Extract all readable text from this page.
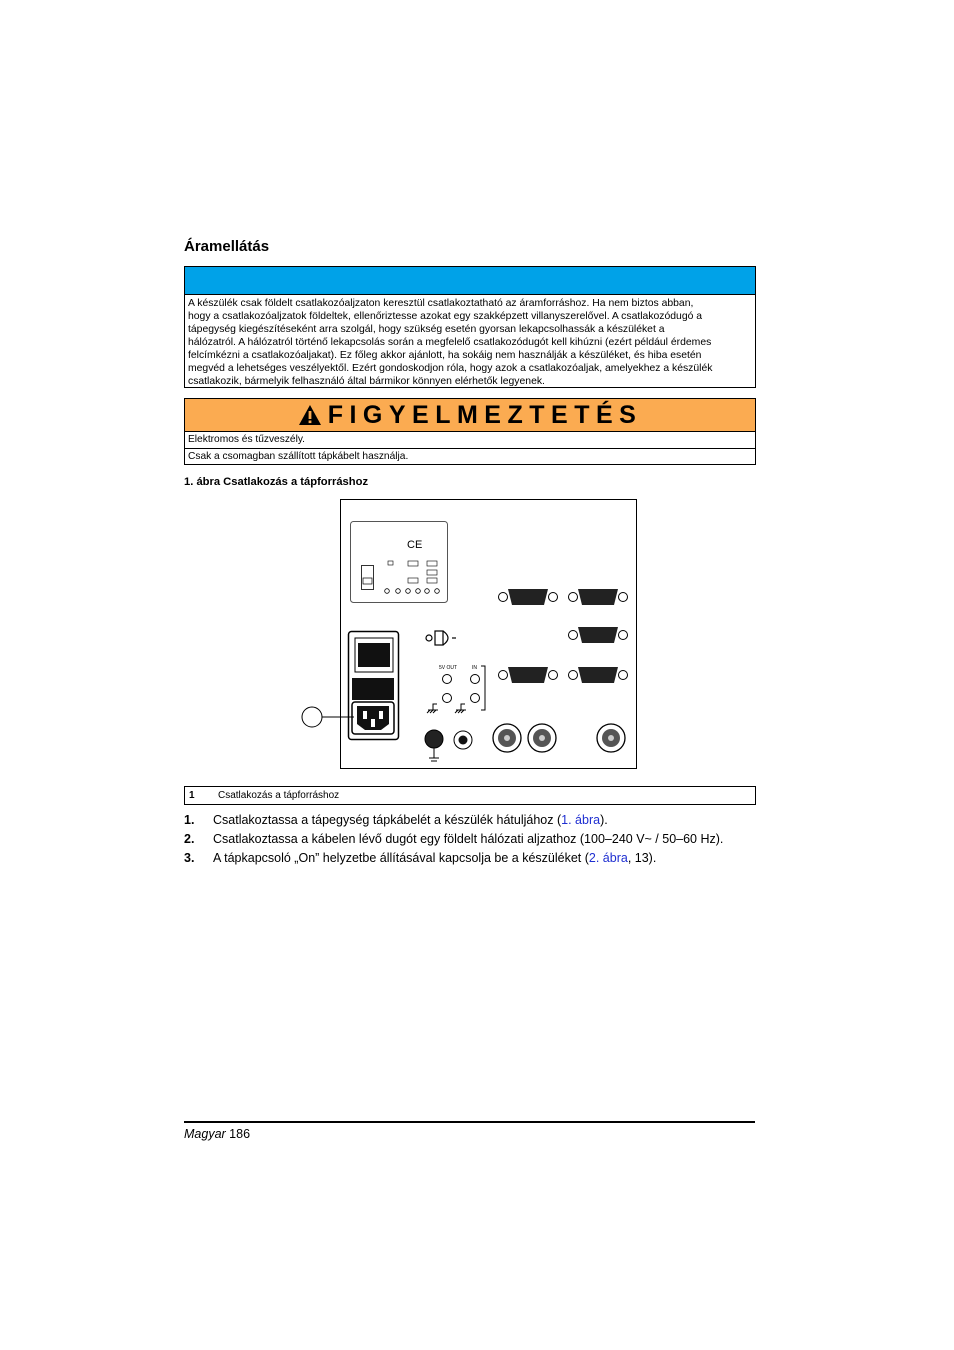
Áramellátás
A készülék csak földelt csatlakozóaljzaton keresztül csatlakoztatható az áramforráshoz. Ha nem biztos abban,
hogy a csatlakozóaljzatok földeltek, ellenőriztesse azokat egy szakképzett villanyszerelővel. A csatlakozódugó a
tápegység kiegészítéseként arra szolgál, hogy szükség esetén gyorsan lekapcsolhassák a készüléket a
hálózatról. A hálózatról történő lekapcsolás során a megfelelő csatlakozódugót kell kihúzni (ezért például érdemes
felcímkézni a csatlakozóaljakat). Ez főleg akkor ajánlott, ha sokáig nem használják a készüléket, és hiba esetén
megvéd a lehetséges veszélyektől. Ezért gondoskodjon róla, hogy azok a csatlakozóaljak, amelyekhez a készülék
csatlakozik, bármelyik felhasználó által bármikor könnyen elérhetők legyenek.
FIGYELMEZTETÉS
Elektromos és tűzveszély.
Csak a csomagban szállított tápkábelt használja.
1. ábra Csatlakozás a tápforráshoz
CE
5V OUT	IN
1 Csatlakozás a tápforráshoz
1. Csatlakoztassa a tápegység tápkábelét a készülék hátuljához (1. ábra).
2. Csatlakoztassa a kábelen lévő dugót egy földelt hálózati aljzathoz (100–240 V~ / 50–60 Hz).
3. A tápkapcsoló „On” helyzetbe állításával kapcsolja be a készüléket (2. ábra, 13).
Magyar 186
